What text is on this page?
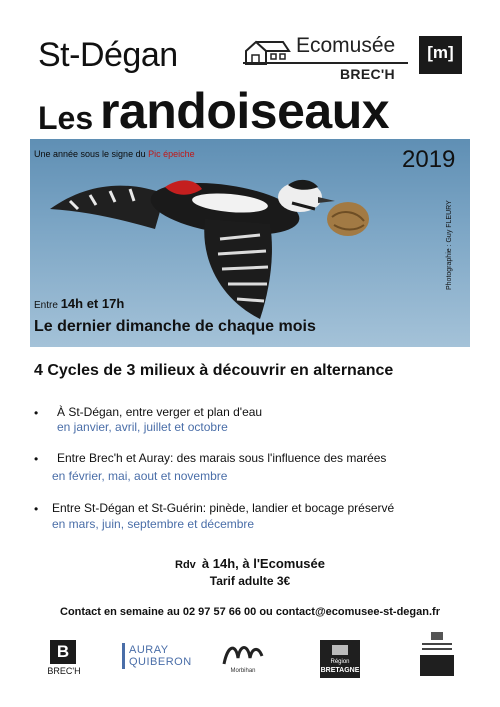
St-Dégan	Ecomusée
BREC'H
[m]
Les randoiseaux
Une année sous le signe du Pic épeiche	2019
Photographie : Guy FLEURY
Entre 14h et 17h
Le dernier dimanche de chaque mois
4 Cycles de 3 milieux à découvrir en alternance
• À St-Dégan, entre verger et plan d'eau
en janvier, avril, juillet et octobre
• Entre Brec'h et Auray: des marais sous l'influence des marées
en février, mai, aout et novembre
• Entre St-Dégan et St-Guérin: pinède, landier et bocage préservé
en mars, juin, septembre et décembre
Rdv à 14h, à l'Ecomusée
Tarif adulte 3€
Contact en semaine au 02 97 57 66 00 ou contact@ecomusee-st-degan.fr
B
BREC'H
AURAY
QUIBERON
Morbihan
Région
BRETAGNE
